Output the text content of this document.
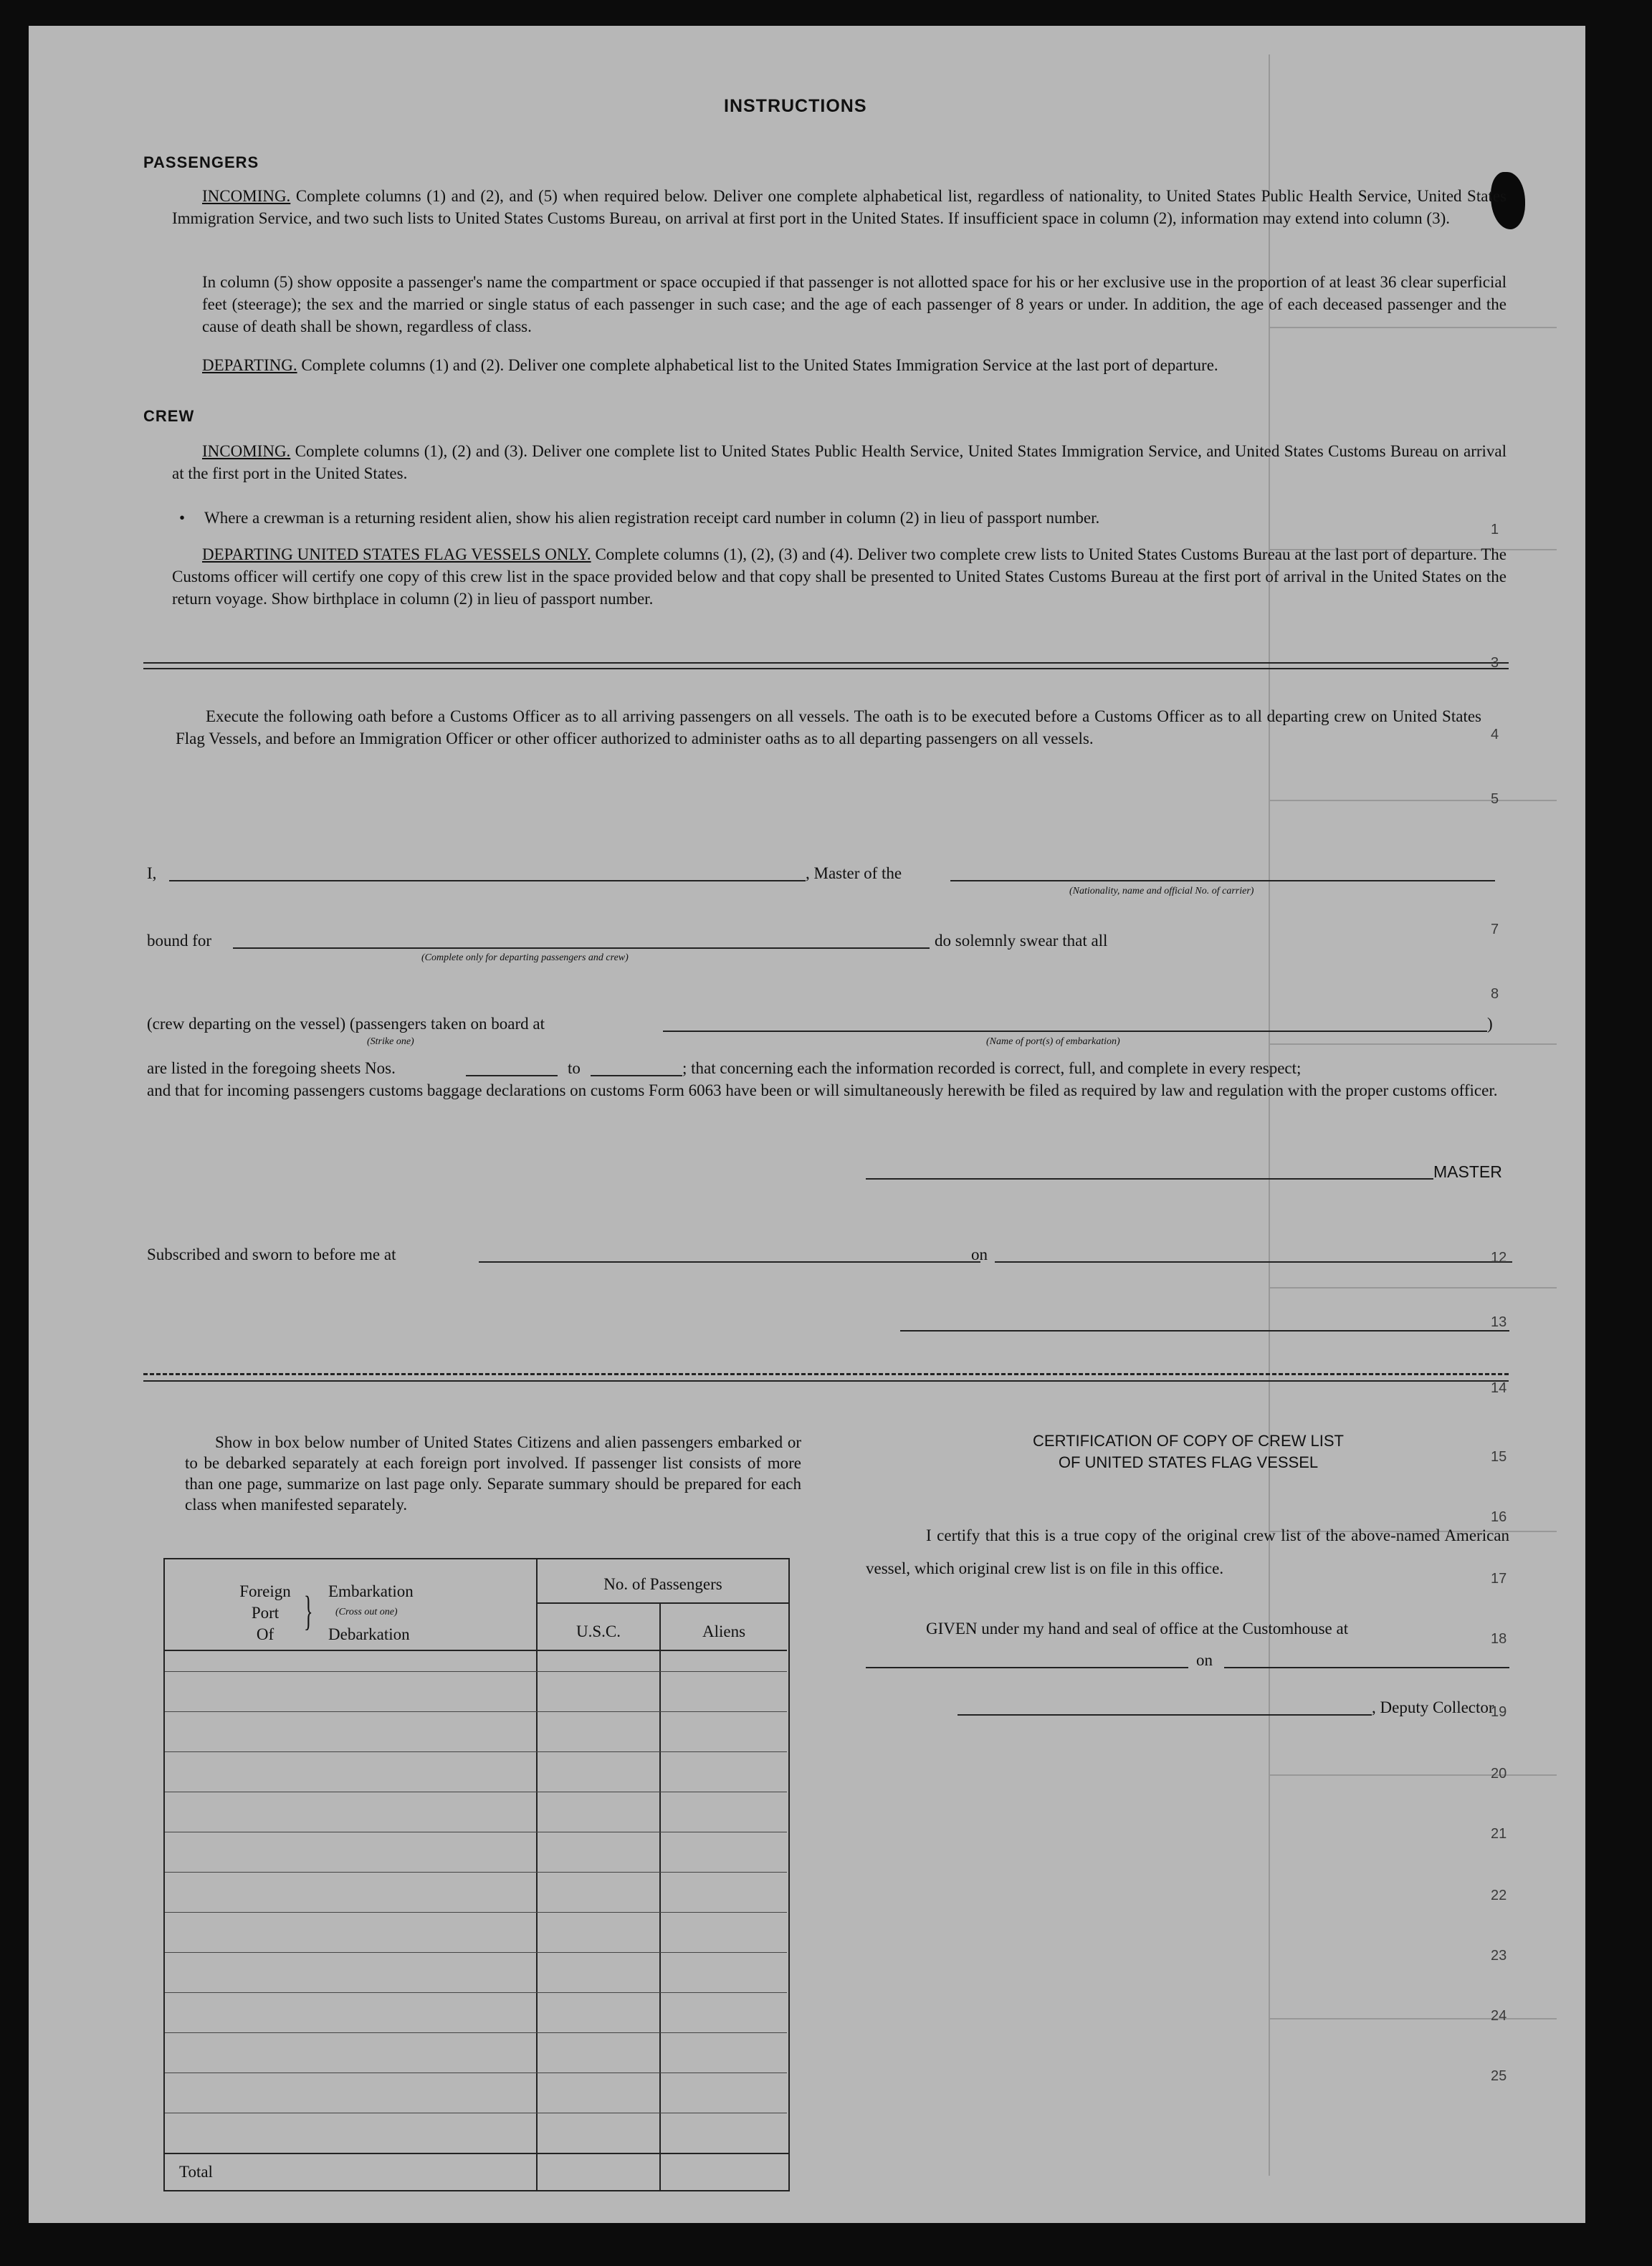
INSTRUCTIONS
PASSENGERS
INCOMING. Complete columns (1) and (2), and (5) when required below. Deliver one complete alphabetical list, regardless of nationality, to United States Public Health Service, United States Immigration Service, and two such lists to United States Customs Bureau, on arrival at first port in the United States. If insufficient space in column (2), information may extend into column (3).
In column (5) show opposite a passenger's name the compartment or space occupied if that passenger is not allotted space for his or her exclusive use in the proportion of at least 36 clear superficial feet (steerage); the sex and the married or single status of each passenger in such case; and the age of each passenger of 8 years or under. In addition, the age of each deceased passenger and the cause of death shall be shown, regardless of class.
DEPARTING. Complete columns (1) and (2). Deliver one complete alphabetical list to the United States Immigration Service at the last port of departure.
CREW
INCOMING. Complete columns (1), (2) and (3). Deliver one complete list to United States Public Health Service, United States Immigration Service, and United States Customs Bureau on arrival at the first port in the United States.
• Where a crewman is a returning resident alien, show his alien registration receipt card number in column (2) in lieu of passport number.
DEPARTING UNITED STATES FLAG VESSELS ONLY. Complete columns (1), (2), (3) and (4). Deliver two complete crew lists to United States Customs Bureau at the last port of departure. The Customs officer will certify one copy of this crew list in the space provided below and that copy shall be presented to United States Customs Bureau at the first port of arrival in the United States on the return voyage. Show birthplace in column (2) in lieu of passport number.
Execute the following oath before a Customs Officer as to all arriving passengers on all vessels. The oath is to be executed before a Customs Officer as to all departing crew on United States Flag Vessels, and before an Immigration Officer or other officer authorized to administer oaths as to all departing passengers on all vessels.
I,	, Master of the
(Nationality, name and official No. of carrier)
bound for
(Complete only for departing passengers and crew)
do solemnly swear that all
(crew departing on the vessel) (passengers taken on board at	)
(Strike one)	(Name of port(s) of embarkation)
are listed in the foregoing sheets Nos.	to	; that concerning each the information recorded is correct, full, and complete in every respect;
and that for incoming passengers customs baggage declarations on customs Form 6063 have been or will simultaneously herewith be filed as required by law and regulation with the proper customs officer.
MASTER
Subscribed and sworn to before me at	on
Show in box below number of United States Citizens and alien passengers embarked or to be debarked separately at each foreign port involved. If passenger list consists of more than one page, summarize on last page only. Separate summary should be prepared for each class when manifested separately.
Foreign
Port
Of
} Embarkation
(Cross out one)
Debarkation
No. of Passengers
U.S.C.	Aliens
Total
CERTIFICATION OF COPY OF CREW LIST
OF UNITED STATES FLAG VESSEL
I certify that this is a true copy of the original crew list of the above-named American vessel, which original crew list is on file in this office.
GIVEN under my hand and seal of office at the Customhouse at
on
, Deputy Collector
1
3
4
5
7
8
12
13
14
15
16
17
18
19
20
21
22
23
24
25
